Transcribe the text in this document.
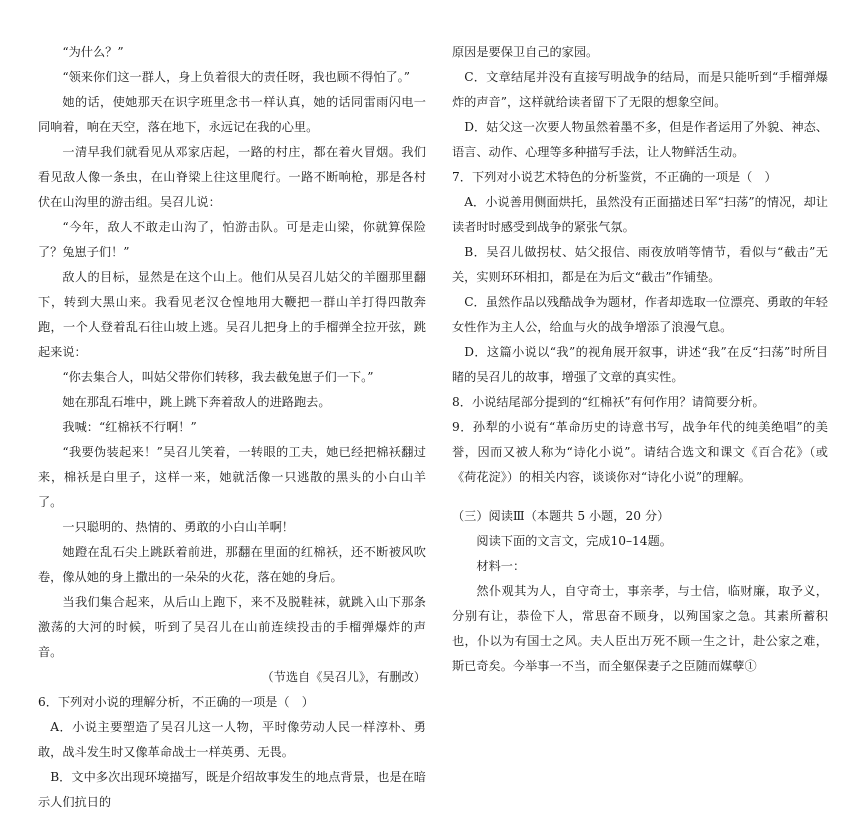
“为什么？”

“领来你们这一群人，身上负着很大的责任呀，我也顾不得怕了。”

她的话，使她那天在识字班里念书一样认真，她的话同雷雨闪电一同响着，响在天空，落在地下，永远记在我的心里。

一清早我们就看见从邓家店起，一路的村庄，都在着火冒烟。我们看见敌人像一条虫，在山脊梁上往这里爬行。一路不断响枪，那是各村伏在山沟里的游击组。吴召儿说：

“今年，敌人不敢走山沟了，怕游击队。可是走山梁，你就算保险了？兔崽子们！”

敌人的目标，显然是在这个山上。他们从吴召儿姑父的羊圈那里翻下，转到大黑山来。我看见老汉仓惶地用大鞭把一群山羊打得四散奔跑，一个人登着乱石往山坡上逃。吴召儿把身上的手榴弹全拉开弦，跳起来说：

“你去集合人，叫姑父带你们转移，我去截兔崽子们一下。”

她在那乱石堆中，跳上跳下奔着敌人的进路跑去。

我喊：“红棉袄不行啊！”

“我要伪装起来！”吴召儿笑着，一转眼的工夫，她已经把棉袄翻过来，棉袄是白里子，这样一来，她就活像一只逃散的黑头的小白山羊了。

一只聪明的、热情的、勇敢的小白山羊啊！

她蹬在乱石尖上跳跃着前进，那翻在里面的红棉袄，还不断被风吹卷，像从她的身上撒出的一朵朵的火花，落在她的身后。

当我们集合起来，从后山上跑下，来不及脱鞋袜，就跳入山下那条激荡的大河的时候，听到了吴召儿在山前连续投击的手榴弹爆炸的声音。

（节选自《吴召儿》，有删改）

6．下列对小说的理解分析，不正确的一项是（　）

A．小说主要塑造了吴召儿这一人物，平时像劳动人民一样淳朴、勇敢，战斗发生时又像革命战士一样英勇、无畏。

B．文中多次出现环境描写，既是介绍故事发生的地点背景，也是在暗示人们抗日的

原因是要保卫自己的家园。

C．文章结尾并没有直接写明战争的结局，而是只能听到“手榴弹爆炸的声音”，这样就给读者留下了无限的想象空间。

D．姑父这一次要人物虽然着墨不多，但是作者运用了外貌、神态、语言、动作、心理等多种描写手法，让人物鲜活生动。

7．下列对小说艺术特色的分析鉴赏，不正确的一项是（　）

A．小说善用侧面烘托，虽然没有正面描述日军“扫荡”的情况，却让读者时时感受到战争的紧张气氛。

B．吴召儿做拐杖、姑父报信、雨夜放哨等情节，看似与“截击”无关，实则环环相扣，都是在为后文“截击”作铺垫。

C．虽然作品以残酷战争为题材，作者却选取一位漂亮、勇敢的年轻女性作为主人公，给血与火的战争增添了浪漫气息。

D．这篇小说以“我”的视角展开叙事，讲述“我”在反“扫荡”时所目睹的吴召儿的故事，增强了文章的真实性。

8．小说结尾部分提到的“红棉袄”有何作用？请简要分析。

9．孙犁的小说有“革命历史的诗意书写，战争年代的纯美绝唱”的美誉，因而又被人称为“诗化小说”。请结合选文和课文《百合花》（或《荷花淀》）的相关内容，谈谈你对“诗化小说”的理解。

（三）阅读Ⅲ（本题共 5 小题，20 分）

阅读下面的文言文，完成10–14题。

材料一：

然仆观其为人，自守奇士，事亲孝，与士信，临财廉，取予义，分别有让，恭俭下人，常思奋不顾身，以殉国家之急。其素所蓄积也，仆以为有国士之风。夫人臣出万死不顾一生之计，赴公家之难，斯已奇矣。今举事一不当，而全躯保妻子之臣随而媒孽①
